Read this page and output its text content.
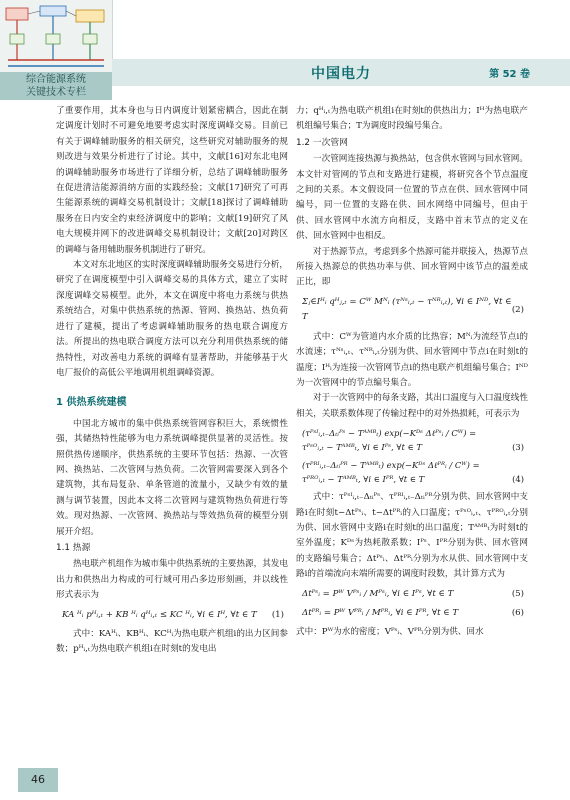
综合能源系统
关键技术专栏
中国电力	第 52 卷

了重要作用，其本身也与日内调度计划紧密耦合，因此在制定调度计划时不可避免地要考虑实时深度调峰交易。目前已有关于调峰辅助服务的相关研究，这些研究对辅助服务的规则改进与效果分析进行了讨论。其中，文献[16]对东北电网的调峰辅助服务市场进行了详细分析，总结了调峰辅助服务在促进清洁能源消纳方面的实践经验；文献[17]研究了可再生能源系统的调峰交易机制设计；文献[18]探讨了调峰辅助服务在日内安全约束经济调度中的影响；文献[19]研究了风电大规模并网下的改进调峰交易机制设计；文献[20]对跨区的调峰与备用辅助服务机制进行了研究。

本文对东北地区的实时深度调峰辅助服务交易进行分析，研究了在调度模型中引入调峰交易的具体方式，建立了实时深度调峰交易模型。此外，本文在调度中将电力系统与供热系统结合，对集中供热系统的热源、管网、换热站、热负荷进行了建模，提出了考虑调峰辅助服务的热电联合调度方法。所提出的热电联合调度方法可以充分利用供热系统的储热特性，对改善电力系统的调峰有显著帮助，并能够基于火电厂报价的高低公平地调用机组调峰资源。

1 供热系统建模

中国北方城市的集中供热系统管网容积巨大，系统惯性强，其储热特性能够为电力系统调峰提供显著的灵活性。按照供热传递顺序，供热系统的主要环节包括：热源、一次管网、换热站、二次管网与热负荷。二次管网需要深入到各个建筑物，其布局复杂、单条管道的流量小，又缺少有效的量测与调节装置，因此本文将二次管网与建筑物热负荷进行等效。现对热源、一次管网、换热站与等效热负荷的模型分别展开介绍。

1.1 热源

热电联产机组作为城市集中供热系统的主要热源，其发电出力和供热出力构成的可行域可用凸多边形刻画，并以线性形式表示为

KA ᴴᵢ pᴴᵢ,ₜ + KB ᴴᵢ qᴴᵢ,ₜ ≤ KC ᴴᵢ, ∀i ∈ Iᴴ, ∀t ∈ T (1)

式中：KAᴴᵢ、KBᴴᵢ、KCᴴᵢ为热电联产机组i的出力区间参数；pᴴᵢ,ₜ为热电联产机组i在时刻t的发电出

力；qᴴᵢ,ₜ为热电联产机组i在时刻t的供热出力；Iᴴ为热电联产机组编号集合；T为调度时段编号集合。

1.2 一次管网

一次管网连接热源与换热站，包含供水管网与回水管网。本文针对管网的节点和支路进行建模，将研究各个节点温度之间的关系。本文假设同一位置的节点在供、回水管网中同编号，同一位置的支路在供、回水网络中同编号，但由于供、回水管网中水流方向相反，支路中首末节点的定义在供、回水管网中也相反。

对于热源节点，考虑到多个热源可能并联接入，热源节点所接入热源总的供热功率与供、回水管网中该节点的温差成正比，即

Σⱼ∈Iᴴᵢ qᴴⱼ,ₜ = Cᵂ Mᴺᵢ (τᴺˢᵢ,ₜ − τᴺᴿᵢ,ₜ), ∀i ∈ Iᴺᴰ, ∀t ∈ T
(2)

式中：Cᵂ为管道内水介质的比热容；Mᴺᵢ为流经节点i的水流速；τᴺˢᵢ,ₜ、τᴺᴿᵢ,ₜ分别为供、回水管网中节点i在时刻t的温度；Iᴴᵢ为连接一次管网节点i的热电联产机组编号集合；Iᴺᴰ为一次管网中的节点编号集合。

对于一次管网中的每条支路，其出口温度与入口温度线性相关，关联系数体现了传输过程中的对外热损耗，可表示为

(τᴾˢᴵᵢ,ₜ₋Δₜᵢᴾˢ − Tᴬᴹᴮₜ) exp(−Kᴰˢ Δℓᴾˢᵢ / Cᵂ) =
τᴾˢᴼᵢ,ₜ − Tᴬᴹᴮₜ, ∀i ∈ Iᴾˢ, ∀t ∈ T	(3)
(τᴾᴿᴵᵢ,ₜ₋Δₜᵢᴾᴿ − Tᴬᴹᴮₜ) exp(−Kᴰˢ Δℓᴾᴿᵢ / Cᵂ) =
τᴾᴿᴼᵢ,ₜ − Tᴬᴹᴮₜ, ∀i ∈ Iᴾᴿ, ∀t ∈ T	(4)

式中：τᴾˢᴵᵢ,ₜ₋Δₜᵢᴾˢ、τᴾᴿᴵᵢ,ₜ₋Δₜᵢᴾᴿ分别为供、回水管网中支路i在时刻t−Δtᴾˢᵢ、t−Δtᴾᴿᵢ的入口温度；τᴾˢᴼᵢ,ₜ、τᴾᴿᴼᵢ,ₜ分别为供、回水管网中支路i在时刻t的出口温度；Tᴬᴹᴮₜ为时刻t的室外温度；Kᴰˢ为热耗散系数；Iᴾˢ、Iᴾᴿ分别为供、回水管网的支路编号集合；Δtᴾˢᵢ、Δtᴾᴿᵢ分别为水从供、回水管网中支路i的首端流向末端所需要的调度时段数，其计算方式为

Δtᴾˢᵢ = Pᵂ Vᴾˢᵢ / Mᴾˢᵢ, ∀i ∈ Iᴾˢ, ∀t ∈ T	(5)
Δtᴾᴿᵢ = Pᵂ Vᴾᴿᵢ / Mᴾᴿᵢ, ∀i ∈ Iᴾᴿ, ∀t ∈ T	(6)

式中：Pᵂ为水的密度；Vᴾˢᵢ、Vᴾᴿᵢ分别为供、回水

46
